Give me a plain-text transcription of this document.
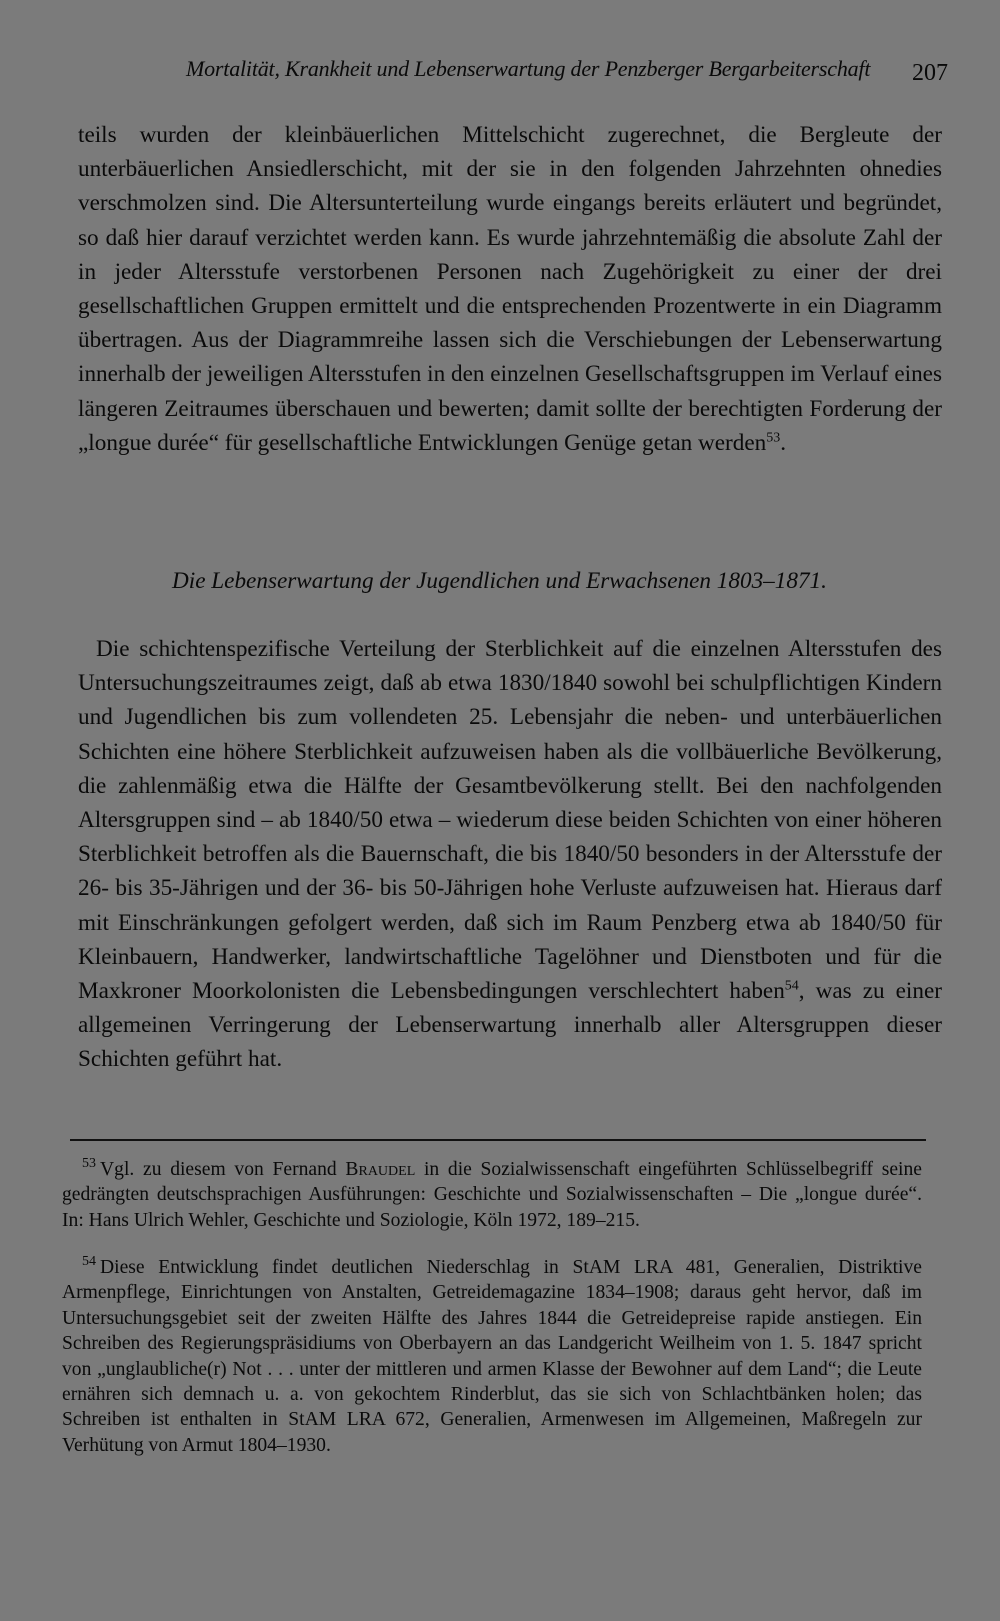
Mortalität, Krankheit und Lebenserwartung der Penzberger Bergarbeiterschaft 207

teils wurden der kleinbäuerlichen Mittelschicht zugerechnet, die Bergleute der unterbäuerlichen Ansiedlerschicht, mit der sie in den folgenden Jahrzehnten ohnedies verschmolzen sind. Die Altersunterteilung wurde eingangs bereits erläutert und begründet, so daß hier darauf verzichtet werden kann. Es wurde jahrzehntemäßig die absolute Zahl der in jeder Altersstufe verstorbenen Personen nach Zugehörigkeit zu einer der drei gesellschaftlichen Gruppen ermittelt und die entsprechenden Prozentwerte in ein Diagramm übertragen. Aus der Diagrammreihe lassen sich die Verschiebungen der Lebenserwartung innerhalb der jeweiligen Altersstufen in den einzelnen Gesellschaftsgruppen im Verlauf eines längeren Zeitraumes überschauen und bewerten; damit sollte der berechtigten Forderung der „longue durée“ für gesellschaftliche Entwicklungen Genüge getan werden$^{53}$.

Die Lebenserwartung der Jugendlichen und Erwachsenen 1803–1871.

Die schichtenspezifische Verteilung der Sterblichkeit auf die einzelnen Altersstufen des Untersuchungszeitraumes zeigt, daß ab etwa 1830/1840 sowohl bei schulpflichtigen Kindern und Jugendlichen bis zum vollendeten 25. Lebensjahr die neben- und unterbäuerlichen Schichten eine höhere Sterblichkeit aufzuweisen haben als die vollbäuerliche Bevölkerung, die zahlenmäßig etwa die Hälfte der Gesamtbevölkerung stellt. Bei den nachfolgenden Altersgruppen sind – ab 1840/50 etwa – wiederum diese beiden Schichten von einer höheren Sterblichkeit betroffen als die Bauernschaft, die bis 1840/50 besonders in der Altersstufe der 26- bis 35-Jährigen und der 36- bis 50-Jährigen hohe Verluste aufzuweisen hat. Hieraus darf mit Einschränkungen gefolgert werden, daß sich im Raum Penzberg etwa ab 1840/50 für Kleinbauern, Handwerker, landwirtschaftliche Tagelöhner und Dienstboten und für die Maxkroner Moorkolonisten die Lebensbedingungen verschlechtert haben$^{54}$, was zu einer allgemeinen Verringerung der Lebenserwartung innerhalb aller Altersgruppen dieser Schichten geführt hat.

$^{53}$ Vgl. zu diesem von Fernand Braudel in die Sozialwissenschaft eingeführten Schlüsselbegriff seine gedrängten deutschsprachigen Ausführungen: Geschichte und Sozialwissenschaften – Die „longue durée“. In: Hans Ulrich Wehler, Geschichte und Soziologie, Köln 1972, 189–215.

$^{54}$ Diese Entwicklung findet deutlichen Niederschlag in StAM LRA 481, Generalien, Distriktive Armenpflege, Einrichtungen von Anstalten, Getreidemagazine 1834–1908; daraus geht hervor, daß im Untersuchungsgebiet seit der zweiten Hälfte des Jahres 1844 die Getreidepreise rapide anstiegen. Ein Schreiben des Regierungspräsidiums von Oberbayern an das Landgericht Weilheim von 1. 5. 1847 spricht von „unglaubliche(r) Not . . . unter der mittleren und armen Klasse der Bewohner auf dem Land“; die Leute ernähren sich demnach u. a. von gekochtem Rinderblut, das sie sich von Schlachtbänken holen; das Schreiben ist enthalten in StAM LRA 672, Generalien, Armenwesen im Allgemeinen, Maßregeln zur Verhütung von Armut 1804–1930.
